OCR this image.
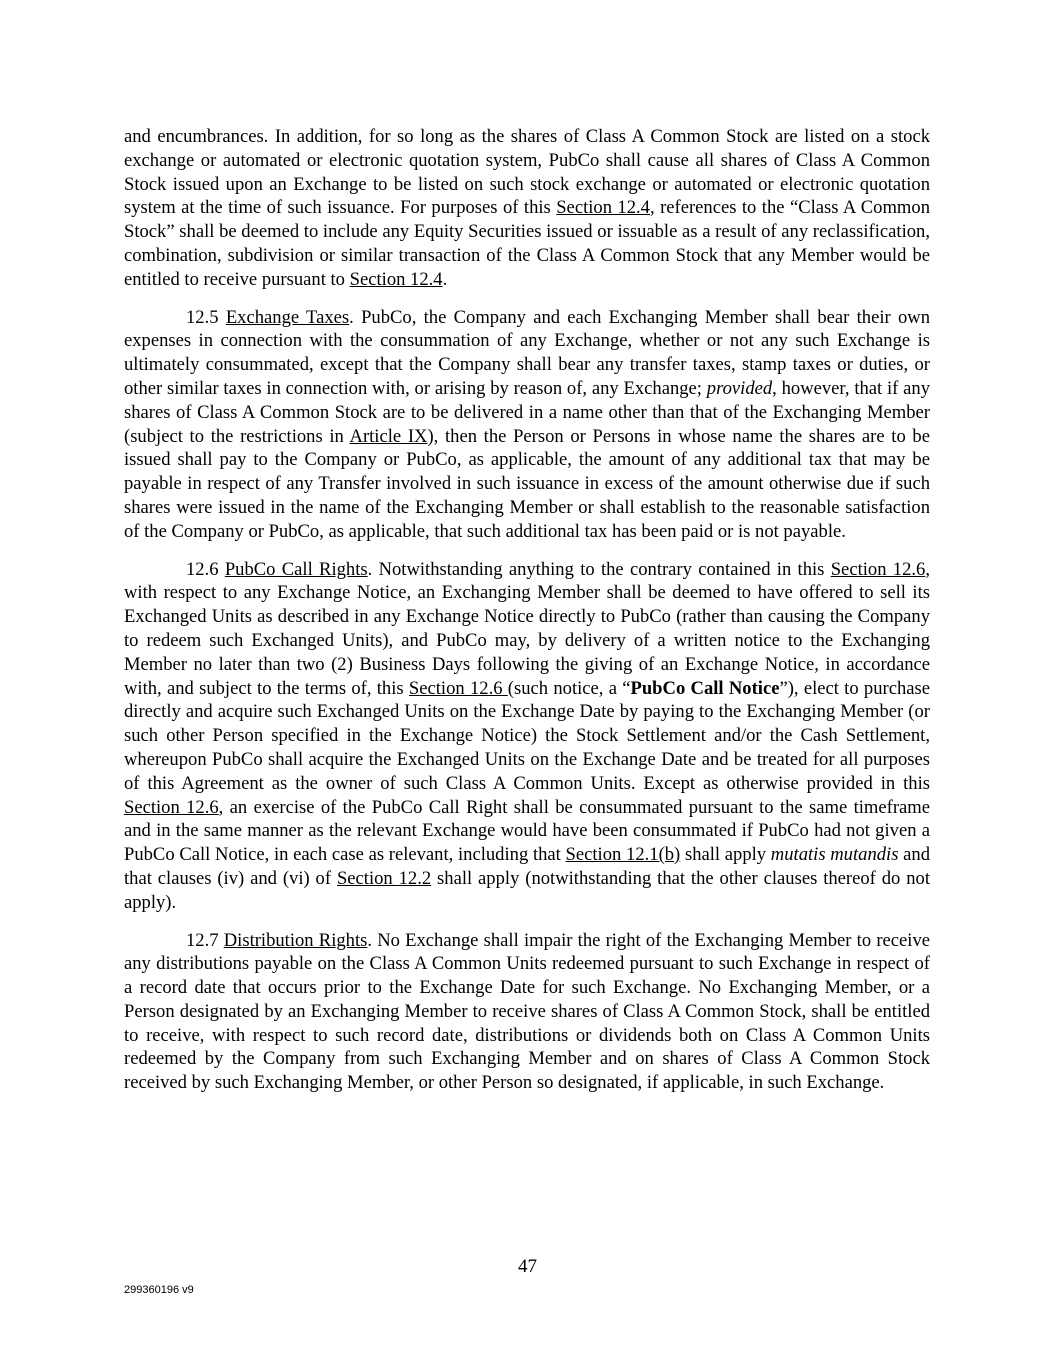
and encumbrances. In addition, for so long as the shares of Class A Common Stock are listed on a stock exchange or automated or electronic quotation system, PubCo shall cause all shares of Class A Common Stock issued upon an Exchange to be listed on such stock exchange or automated or electronic quotation system at the time of such issuance. For purposes of this Section 12.4, references to the “Class A Common Stock” shall be deemed to include any Equity Securities issued or issuable as a result of any reclassification, combination, subdivision or similar transaction of the Class A Common Stock that any Member would be entitled to receive pursuant to Section 12.4.

12.5 Exchange Taxes. PubCo, the Company and each Exchanging Member shall bear their own expenses in connection with the consummation of any Exchange, whether or not any such Exchange is ultimately consummated, except that the Company shall bear any transfer taxes, stamp taxes or duties, or other similar taxes in connection with, or arising by reason of, any Exchange; provided, however, that if any shares of Class A Common Stock are to be delivered in a name other than that of the Exchanging Member (subject to the restrictions in Article IX), then the Person or Persons in whose name the shares are to be issued shall pay to the Company or PubCo, as applicable, the amount of any additional tax that may be payable in respect of any Transfer involved in such issuance in excess of the amount otherwise due if such shares were issued in the name of the Exchanging Member or shall establish to the reasonable satisfaction of the Company or PubCo, as applicable, that such additional tax has been paid or is not payable.

12.6 PubCo Call Rights. Notwithstanding anything to the contrary contained in this Section 12.6, with respect to any Exchange Notice, an Exchanging Member shall be deemed to have offered to sell its Exchanged Units as described in any Exchange Notice directly to PubCo (rather than causing the Company to redeem such Exchanged Units), and PubCo may, by delivery of a written notice to the Exchanging Member no later than two (2) Business Days following the giving of an Exchange Notice, in accordance with, and subject to the terms of, this Section 12.6 (such notice, a “PubCo Call Notice”), elect to purchase directly and acquire such Exchanged Units on the Exchange Date by paying to the Exchanging Member (or such other Person specified in the Exchange Notice) the Stock Settlement and/or the Cash Settlement, whereupon PubCo shall acquire the Exchanged Units on the Exchange Date and be treated for all purposes of this Agreement as the owner of such Class A Common Units. Except as otherwise provided in this Section 12.6, an exercise of the PubCo Call Right shall be consummated pursuant to the same timeframe and in the same manner as the relevant Exchange would have been consummated if PubCo had not given a PubCo Call Notice, in each case as relevant, including that Section 12.1(b) shall apply mutatis mutandis and that clauses (iv) and (vi) of Section 12.2 shall apply (notwithstanding that the other clauses thereof do not apply).

12.7 Distribution Rights. No Exchange shall impair the right of the Exchanging Member to receive any distributions payable on the Class A Common Units redeemed pursuant to such Exchange in respect of a record date that occurs prior to the Exchange Date for such Exchange. No Exchanging Member, or a Person designated by an Exchanging Member to receive shares of Class A Common Stock, shall be entitled to receive, with respect to such record date, distributions or dividends both on Class A Common Units redeemed by the Company from such Exchanging Member and on shares of Class A Common Stock received by such Exchanging Member, or other Person so designated, if applicable, in such Exchange.

47
299360196 v9
